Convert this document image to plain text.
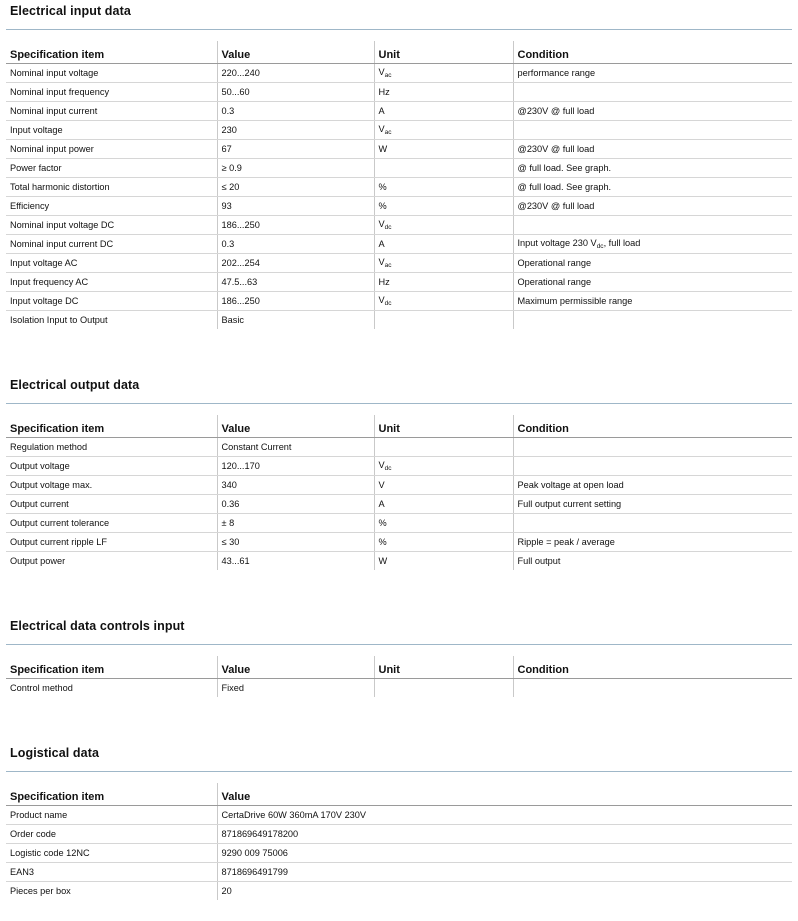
Electrical input data
Specification item	Value	Unit	Condition
Nominal input voltage	220...240	$V_{ac}$	performance range
Nominal input frequency	50...60	Hz	
Nominal input current	0.3	A	@230V @ full load
Input voltage	230	$V_{ac}$	
Nominal input power	67	W	@230V @ full load
Power factor	≥ 0.9		@ full load. See graph.
Total harmonic distortion	≤ 20	%	@ full load. See graph.
Efficiency	93	%	@230V @ full load
Nominal input voltage DC	186...250	$V_{dc}$	
Nominal input current DC	0.3	A	Input voltage 230 $V_{dc}$, full load
Input voltage AC	202...254	$V_{ac}$	Operational range
Input frequency AC	47.5...63	Hz	Operational range
Input voltage DC	186...250	$V_{dc}$	Maximum permissible range
Isolation Input to Output	Basic		
Electrical output data
Specification item	Value	Unit	Condition
Regulation method	Constant Current		
Output voltage	120...170	$V_{dc}$	
Output voltage max.	340	V	Peak voltage at open load
Output current	0.36	A	Full output current setting
Output current tolerance	± 8	%	
Output current ripple LF	≤ 30	%	Ripple = peak / average
Output power	43...61	W	Full output
Electrical data controls input
Specification item	Value	Unit	Condition
Control method	Fixed		
Logistical data
Specification item	Value
Product name	CertaDrive 60W 360mA 170V 230V
Order code	871869649178200
Logistic code 12NC	9290 009 75006
EAN3	8718696491799
Pieces per box	20
